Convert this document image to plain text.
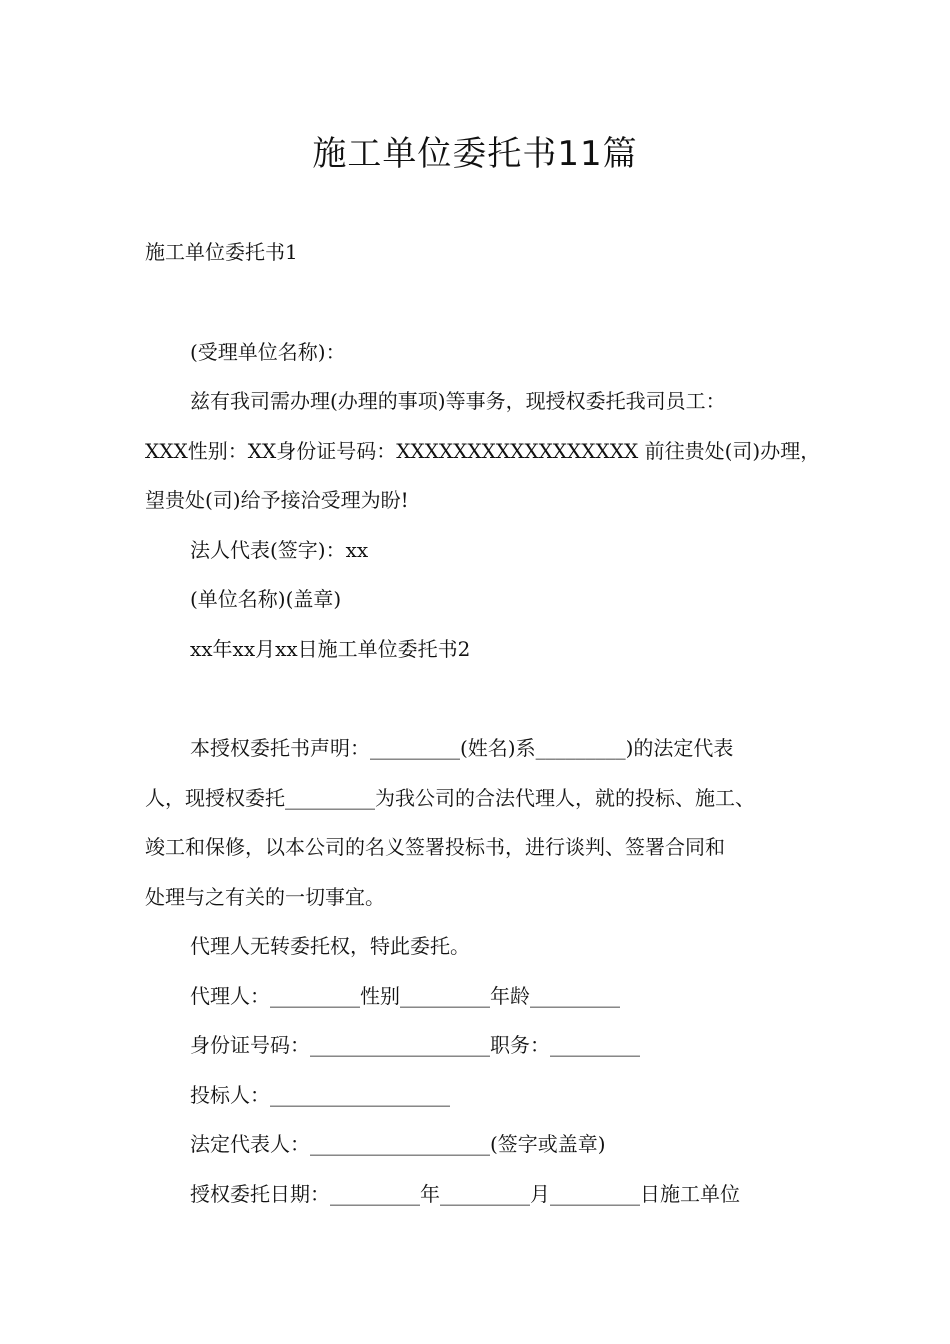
施工单位委托书11篇
施工单位委托书1
(受理单位名称)：
兹有我司需办理(办理的事项)等事务，现授权委托我司员工：
XXX性别：XX身份证号码：XXXXXXXXXXXXXXXXX 前往贵处(司)办理，
望贵处(司)给予接洽受理为盼!
法人代表(签字)：xx
(单位名称)(盖章)
xx年xx月xx日施工单位委托书2
本授权委托书声明：_________(姓名)系_________)的法定代表
人，现授权委托_________为我公司的合法代理人，就的投标、施工、
竣工和保修，以本公司的名义签署投标书，进行谈判、签署合同和
处理与之有关的一切事宜。
代理人无转委托权，特此委托。
代理人：_________性别_________年龄_________
身份证号码：__________________职务：_________
投标人：__________________
法定代表人：__________________(签字或盖章)
授权委托日期：_________年_________月_________日施工单位
